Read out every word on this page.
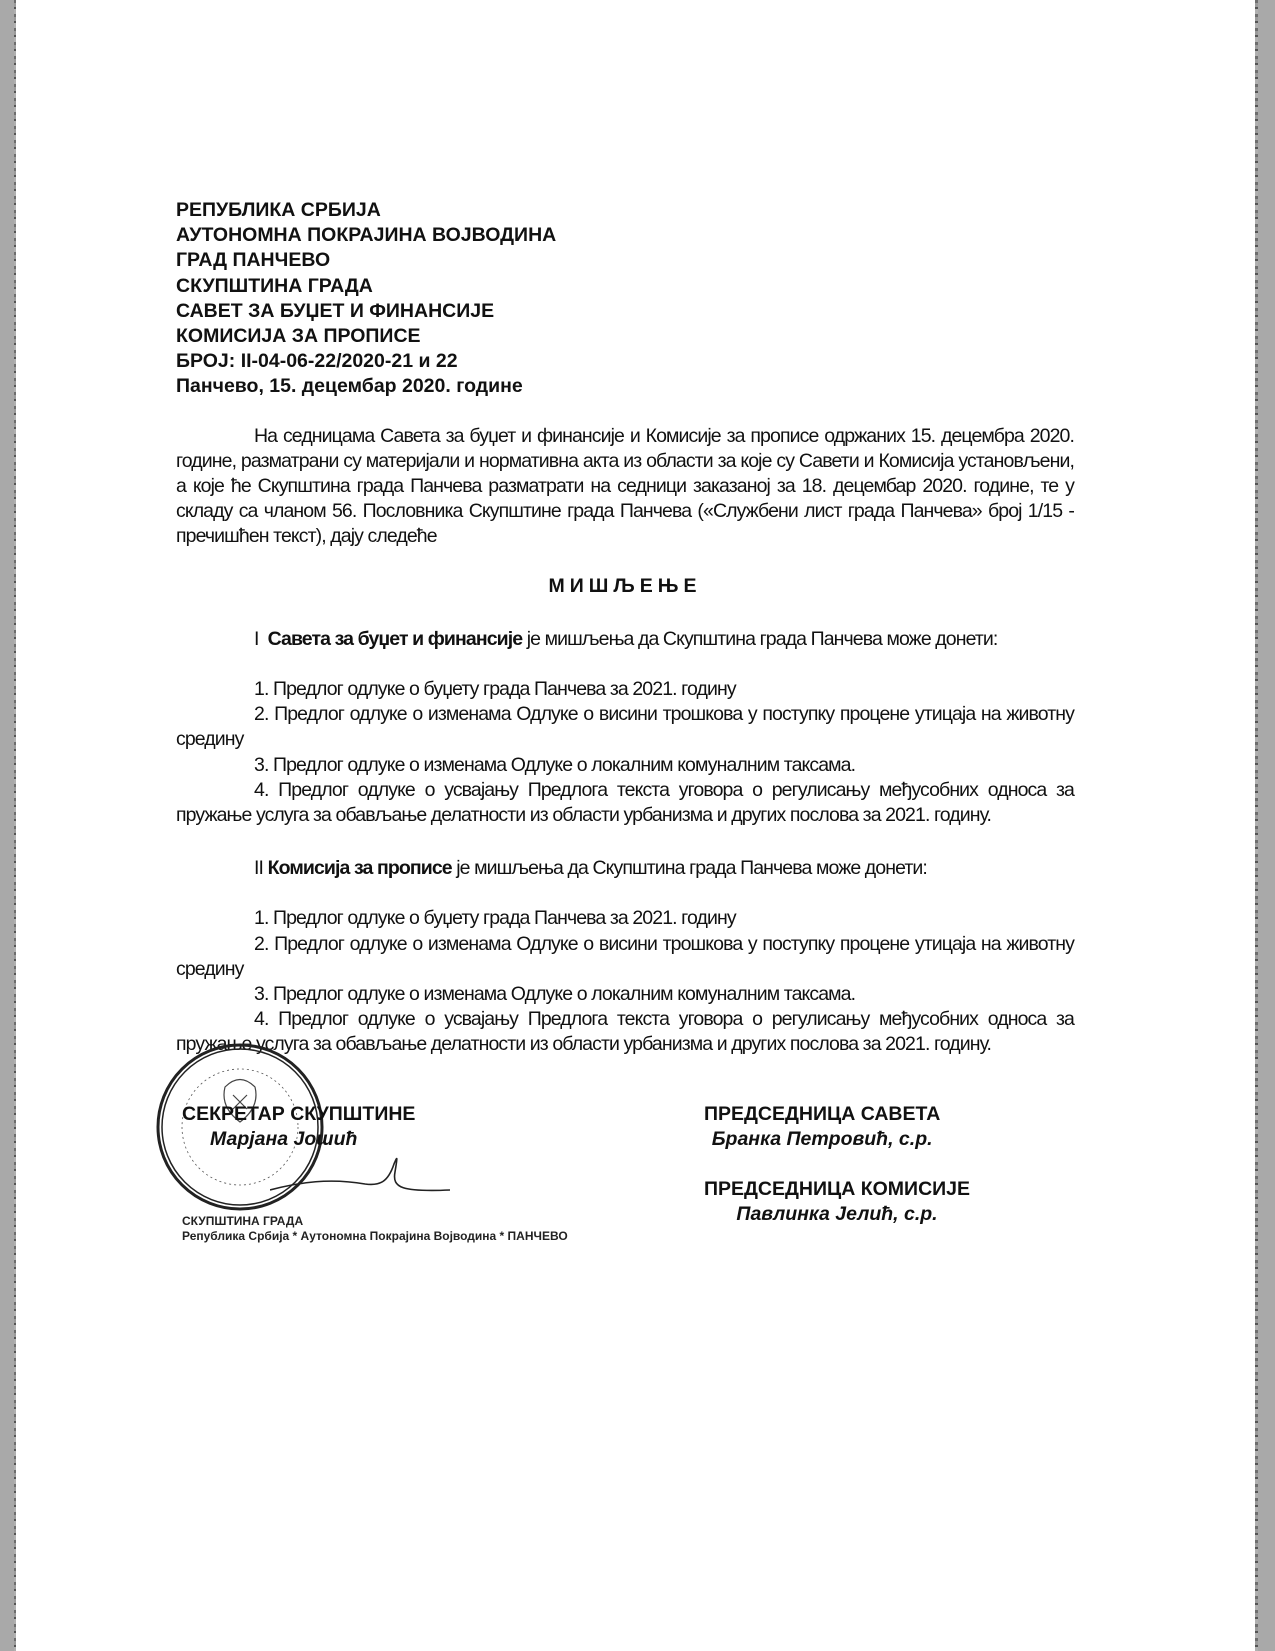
РЕПУБЛИКА СРБИЈА
АУТОНОМНА ПОКРАЈИНА ВОЈВОДИНА
ГРАД ПАНЧЕВО
СКУПШТИНА ГРАДА
САВЕТ ЗА БУЏЕТ И ФИНАНСИЈЕ
КОМИСИЈА ЗА ПРОПИСЕ
БРОЈ: II-04-06-22/2020-21 и 22
Панчево, 15. децембар 2020. године
На седницама Савета за буџет и финансије и Комисије за прописе одржаних 15. децембра 2020. године, разматрани су материјали и нормативна акта из области за које су Савети и Комисија установљени, а које ће Скупштина града Панчева разматрати на седници заказаној за 18. децембар 2020. године, те у складу са чланом 56. Пословника Скупштине града Панчева («Службени лист града Панчева» број 1/15 - пречишћен текст), дају следеће
МИШЉЕЊЕ
I Савета за буџет и финансије је мишљења да Скупштина града Панчева може донети:

1. Предлог одлуке о буџету града Панчева за 2021. годину

2. Предлог одлуке о изменама Одлуке о висини трошкова у поступку процене утицаја на животну средину

3. Предлог одлуке о изменама Одлуке о локалним комуналним таксама.

4. Предлог одлуке о усвајању Предлога текста уговора о регулисању међусобних односа за пружање услуга за обављање делатности из области урбанизма и других послова за 2021. годину.

II Комисија за прописе је мишљења да Скупштина града Панчева може донети:

1. Предлог одлуке о буџету града Панчева за 2021. годину

2. Предлог одлуке о изменама Одлуке о висини трошкова у поступку процене утицаја на животну средину

3. Предлог одлуке о изменама Одлуке о локалним комуналним таксама.

4. Предлог одлуке о усвајању Предлога текста уговора о регулисању међусобних односа за пружање услуга за обављање делатности из области урбанизма и других послова за 2021. годину.

СЕКРЕТАР СКУПШТИНЕ
Марјана Јошић
ПРЕДСЕДНИЦА САВЕТА
Бранка Петровић, с.р.
ПРЕДСЕДНИЦА КОМИСИЈЕ
Павлинка Јелић, с.р.
СКУПШТИНА ГРАДА
Република Србија * Аутономна Покрајина Војводина * ПАНЧЕВО
